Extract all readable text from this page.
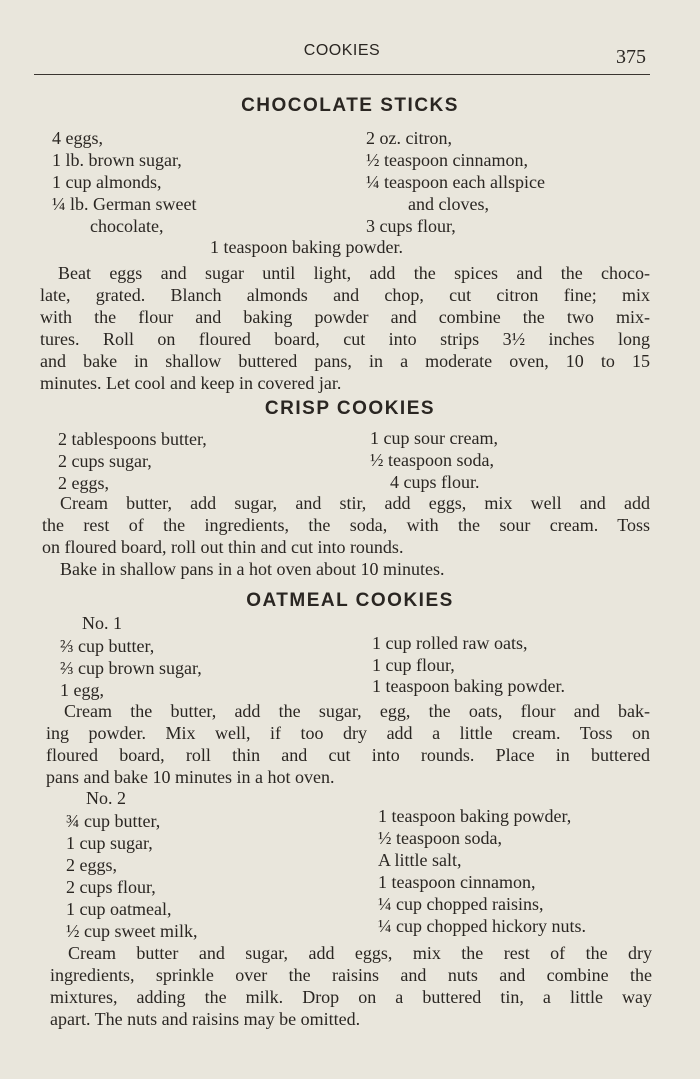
COOKIES	375
CHOCOLATE STICKS
4 eggs,
1 lb. brown sugar,
1 cup almonds,
¼ lb. German sweet
chocolate,
2 oz. citron,
½ teaspoon cinnamon,
¼ teaspoon each allspice
and cloves,
3 cups flour,
1 teaspoon baking powder.
Beat eggs and sugar until light, add the spices and the choco-
late, grated. Blanch almonds and chop, cut citron fine; mix
with the flour and baking powder and combine the two mix-
tures. Roll on floured board, cut into strips 3½ inches long
and bake in shallow buttered pans, in a moderate oven, 10 to 15
minutes. Let cool and keep in covered jar.
CRISP COOKIES
2 tablespoons butter,
2 cups sugar,
2 eggs,
1 cup sour cream,
½ teaspoon soda,
4 cups flour.
Cream butter, add sugar, and stir, add eggs, mix well and add
the rest of the ingredients, the soda, with the sour cream. Toss
on floured board, roll out thin and cut into rounds.
Bake in shallow pans in a hot oven about 10 minutes.
OATMEAL COOKIES
No. 1
⅔ cup butter,
⅔ cup brown sugar,
1 egg,
1 cup rolled raw oats,
1 cup flour,
1 teaspoon baking powder.
Cream the butter, add the sugar, egg, the oats, flour and bak-
ing powder. Mix well, if too dry add a little cream. Toss on
floured board, roll thin and cut into rounds. Place in buttered
pans and bake 10 minutes in a hot oven.
No. 2
¾ cup butter,
1 cup sugar,
2 eggs,
2 cups flour,
1 cup oatmeal,
½ cup sweet milk,
1 teaspoon baking powder,
½ teaspoon soda,
A little salt,
1 teaspoon cinnamon,
¼ cup chopped raisins,
¼ cup chopped hickory nuts.
Cream butter and sugar, add eggs, mix the rest of the dry
ingredients, sprinkle over the raisins and nuts and combine the
mixtures, adding the milk. Drop on a buttered tin, a little way
apart. The nuts and raisins may be omitted.
